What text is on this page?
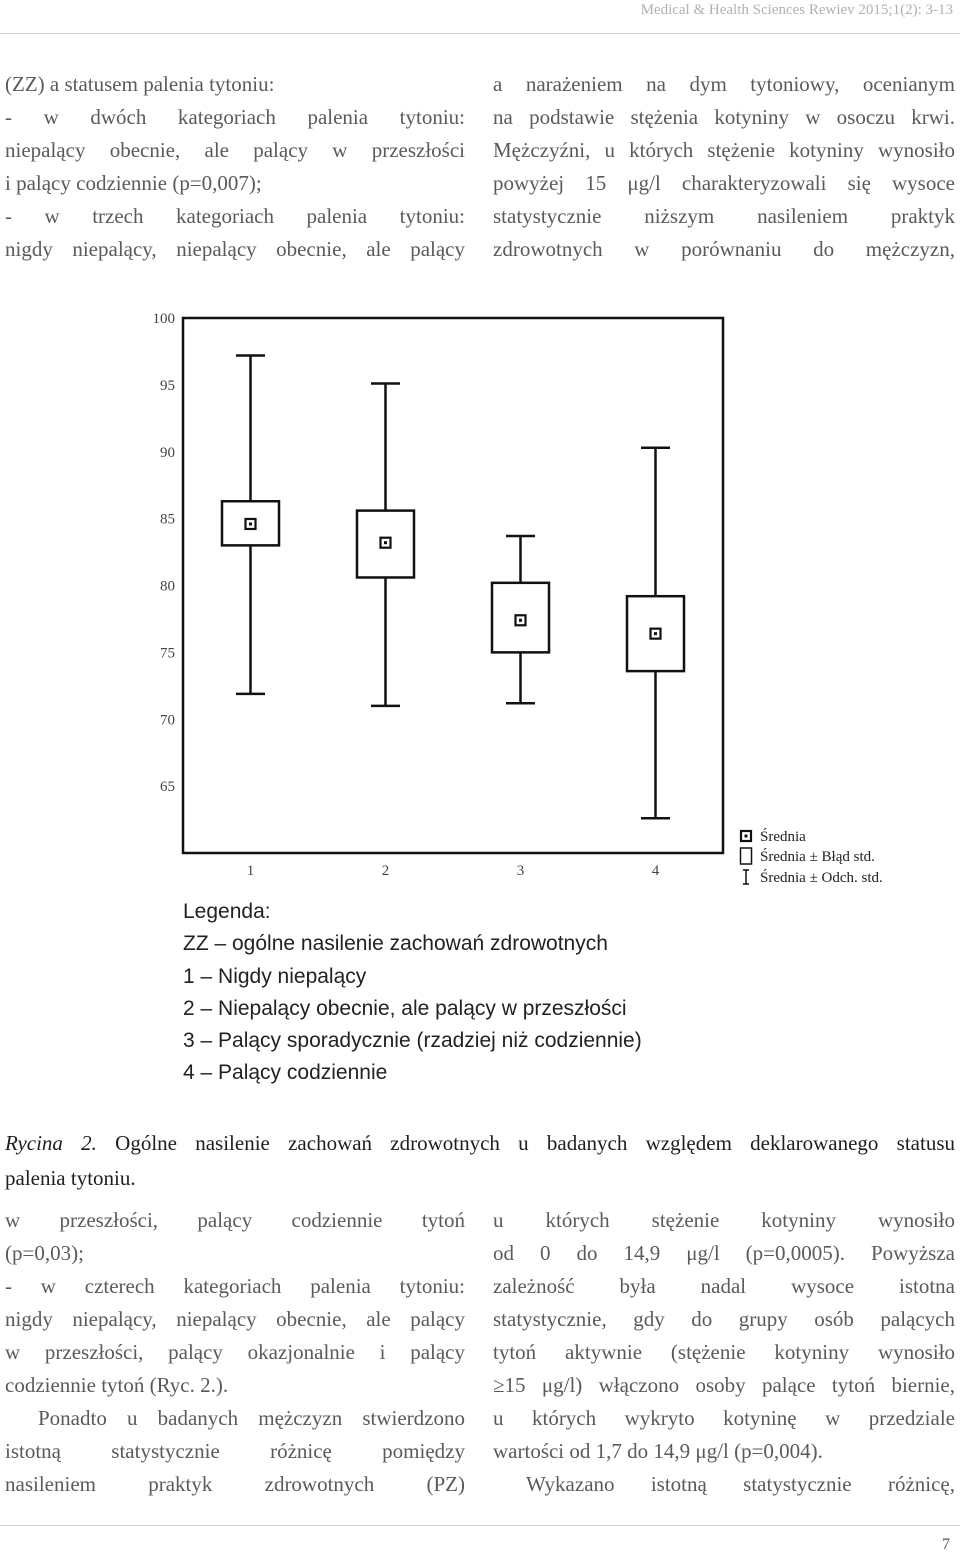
Medical & Health Sciences Rewiev 2015;1(2): 3-13
(ZZ) a statusem palenia tytoniu:
- w dwóch kategoriach palenia tytoniu:
niepalący obecnie, ale palący w przeszłości
i palący codziennie (p=0,007);
- w trzech kategoriach palenia tytoniu:
nigdy niepalący, niepalący obecnie, ale palący
a narażeniem na dym tytoniowy, ocenianym
na podstawie stężenia kotyniny w osoczu krwi.
Mężczyźni, u których stężenie kotyniny wynosiło
powyżej 15 μg/l charakteryzowali się wysoce
statystycznie niższym nasileniem praktyk
zdrowotnych w porównaniu do mężczyzn,
100
95
90
85
80
75
70
65
1	2	3	4
Średnia
Średnia ± Błąd std.
Średnia ± Odch. std.
Legenda:
ZZ – ogólne nasilenie zachowań zdrowotnych
1 – Nigdy niepalący
2 – Niepalący obecnie, ale palący w przeszłości
3 – Palący sporadycznie (rzadziej niż codziennie)
4 – Palący codziennie
Rycina 2. Ogólne nasilenie zachowań zdrowotnych u badanych względem deklarowanego statusu
palenia tytoniu.
w przeszłości, palący codziennie tytoń
(p=0,03);
- w czterech kategoriach palenia tytoniu:
nigdy niepalący, niepalący obecnie, ale palący
w przeszłości, palący okazjonalnie i palący
codziennie tytoń (Ryc. 2.).
Ponadto u badanych mężczyzn stwierdzono
istotną statystycznie różnicę pomiędzy
nasileniem praktyk zdrowotnych (PZ)
u których stężenie kotyniny wynosiło
od 0 do 14,9 μg/l (p=0,0005). Powyższa
zależność była nadal wysoce istotna
statystycznie, gdy do grupy osób palących
tytoń aktywnie (stężenie kotyniny wynosiło
≥15 μg/l) włączono osoby palące tytoń biernie,
u których wykryto kotyninę w przedziale
wartości od 1,7 do 14,9 μg/l (p=0,004).
Wykazano istotną statystycznie różnicę,
7
